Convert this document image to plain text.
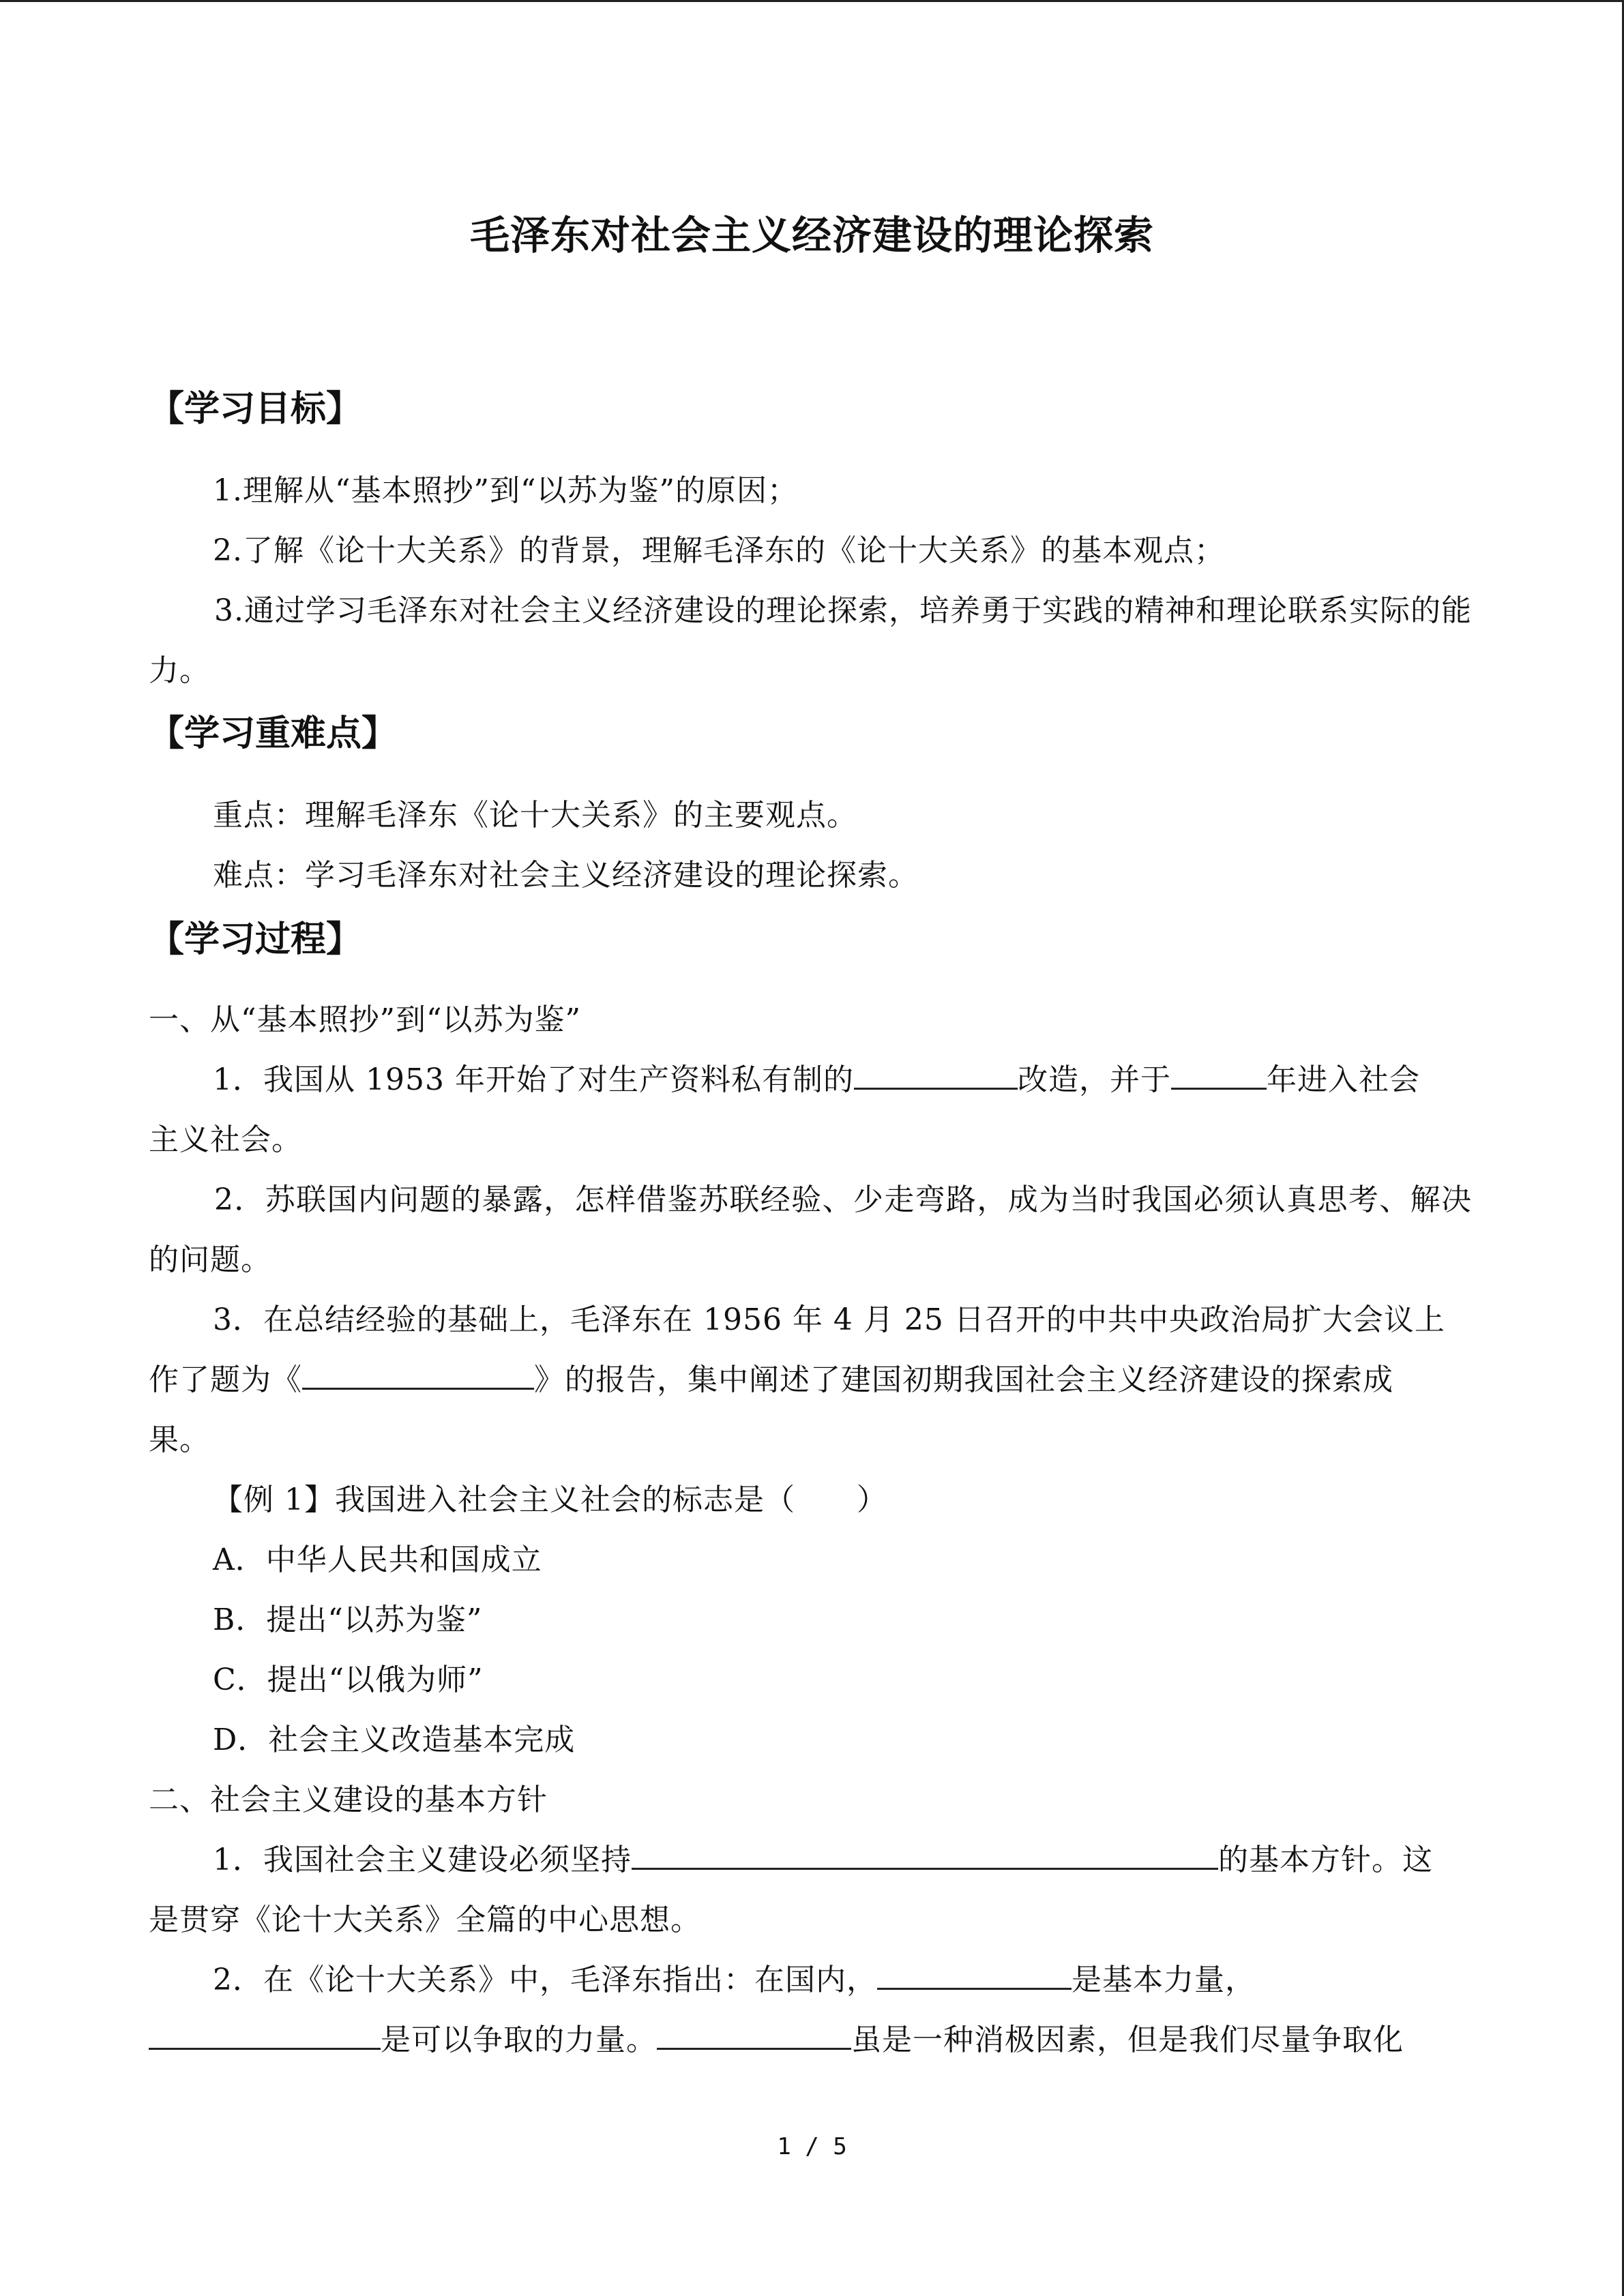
毛泽东对社会主义经济建设的理论探索
【学习目标】
1.理解从“基本照抄”到“以苏为鉴”的原因；
2.了解《论十大关系》的背景，理解毛泽东的《论十大关系》的基本观点；
3.通过学习毛泽东对社会主义经济建设的理论探索，培养勇于实践的精神和理论联系实际的能力。
【学习重难点】
重点：理解毛泽东《论十大关系》的主要观点。
难点：学习毛泽东对社会主义经济建设的理论探索。
【学习过程】
一、从“基本照抄”到“以苏为鉴”
1．我国从 1953 年开始了对生产资料私有制的	改造，并于	年进入社会
主义社会。
2．苏联国内问题的暴露，怎样借鉴苏联经验、少走弯路，成为当时我国必须认真思考、解决的问题。
3．在总结经验的基础上，毛泽东在 1956 年 4 月 25 日召开的中共中央政治局扩大会议上
作了题为《	》的报告，集中阐述了建国初期我国社会主义经济建设的探索成
果。
【例 1】我国进入社会主义社会的标志是（　　）
A．中华人民共和国成立
B．提出“以苏为鉴”
C．提出“以俄为师”
D．社会主义改造基本完成
二、社会主义建设的基本方针
1．我国社会主义建设必须坚持	的基本方针。这
是贯穿《论十大关系》全篇的中心思想。
2．在《论十大关系》中，毛泽东指出：在国内，	是基本力量，
是可以争取的力量。	虽是一种消极因素，但是我们尽量争取化
1 / 5
